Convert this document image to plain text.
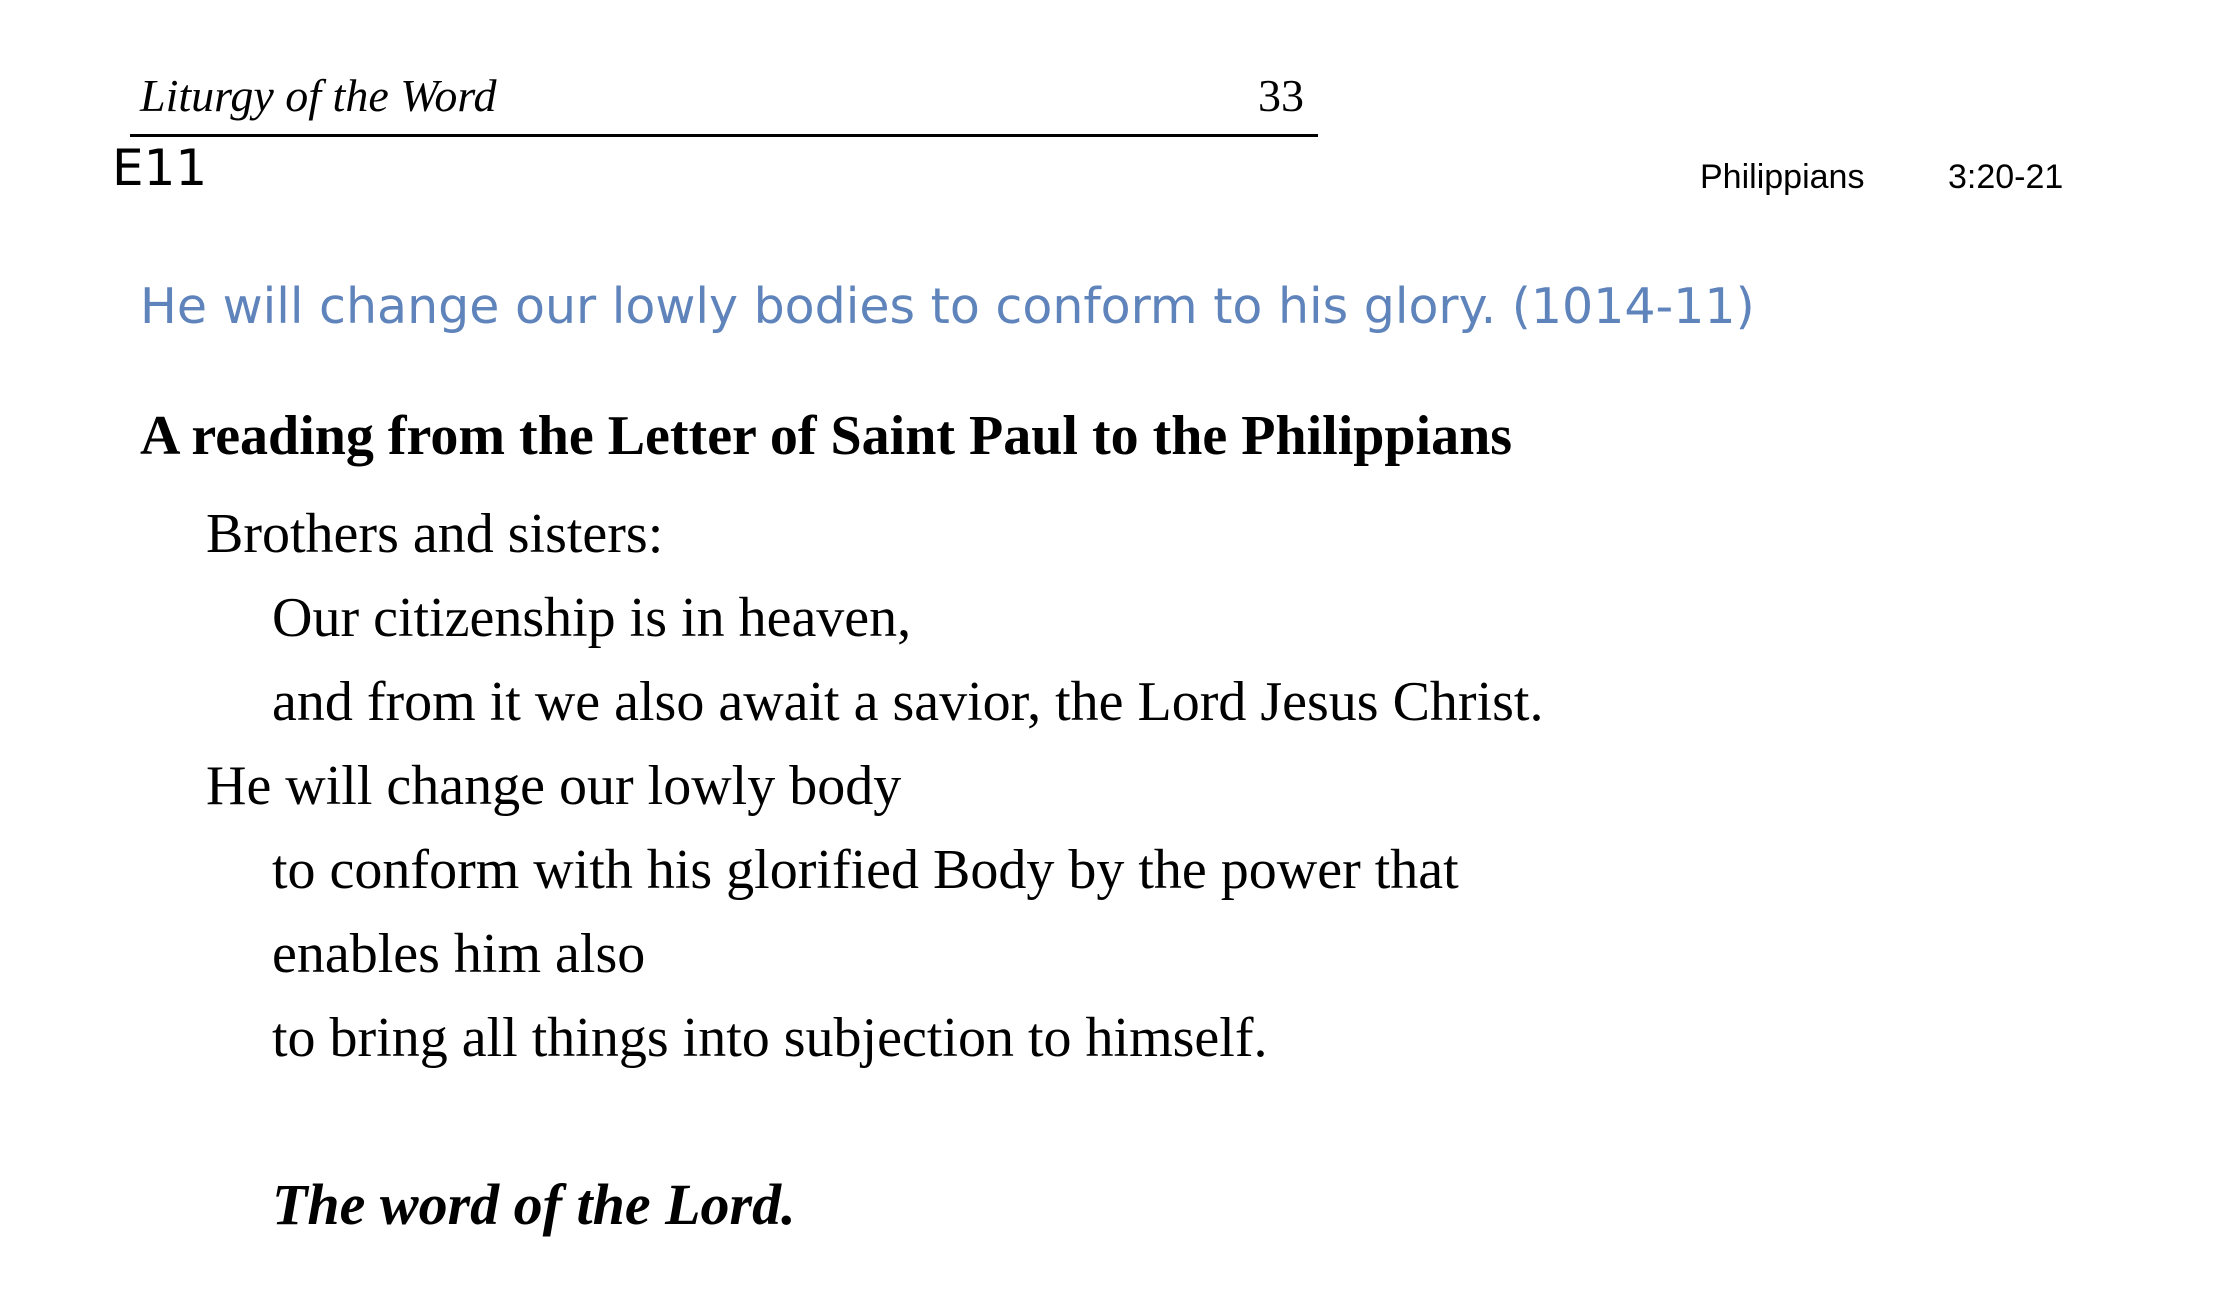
Liturgy of the Word	33
E11	Philippians 3:20-21
He will change our lowly bodies to conform to his glory. (1014-11)
A reading from the Letter of Saint Paul to the Philippians
Brothers and sisters:
Our citizenship is in heaven,
and from it we also await a savior, the Lord Jesus Christ.
He will change our lowly body
to conform with his glorified Body by the power that
enables him also
to bring all things into subjection to himself.
The word of the Lord.
